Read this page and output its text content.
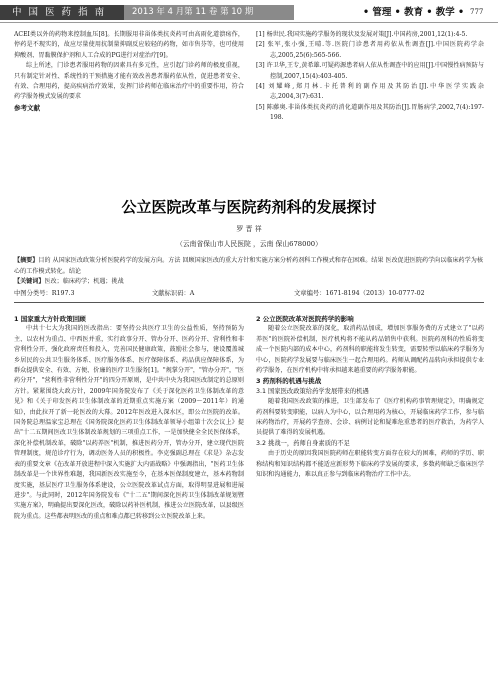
中 国 医 药 指 南	2013 年 4 月第 11 卷 第 10 期	• 管理 • 教育 • 教学 • 777

ACEI类以外的药物来控制血压[8]。长期服用非甾体类抗炎药可由高雨化道溃疡作，停药是不现实的，故应尽量使用抗制量抑副反应较轻的药物，如市售芬等，也可使用抑酸剂、胃黏膜保护剂和人工合成的PG进行对症治疗[9]。

综上所述，门诊患者服用药物的因素具有多元性，应引起门诊药师的极度重视，只有制定针对性、系统性的干预措施才能有效改善患者服药依从性，促进患者安全、有效、合理用药，提高疾病治疗效果，发挥门诊药师在临床治疗中的重要作用，符合药学服务模式发展的要求

参考文献

[1] 杨世民.我国实施药学服务的现状及发展对策[J].中国药房,2001,12(1):4-5.
[2] 张军,张小强,王晴.等.医院门诊患者用药依从性调查[J].中国医院药学杂志,2005,25(6):565-566.
[3] 许卫华,王专,黄希雄.可疑药源患者病人依从性调查中的应用[J].中国慢性病预防与控制,2007,15(4):403-405.
[4] 刘耀峰,郑月林.卡托普利的副作用及其防治[J].中华医学实践杂志,2004,3(7):631.
[5] 陈藤奥.非甾体类抗炎药的消化道副作用及其防治[J].胃肠病学,2002,7(4):197-198.
公立医院改革与医院药剂科的发展探讨

罗 晋 祥

（云南省保山市人民医院 ，云南 保山678000）

【摘要】目的 从国家医改政策分析医院药学的发展方向。方法 回顾国家医改的重大方针和实施方案分析药剂科工作模式和存在困难。结果 医改促进医院药学向以临床药学为核心的工作模式转化。结论

【关键词】医改；临床药学；机遇；挑战

中图分类号：R197.3	文献标识码：A	文章编号：1671-8194（2013）10-0777-02

1 国家重大方针政策回顾

中共十七大为我国的医改指出：要坚持公共医疗卫生的公益性质，坚持预防为主、以农村为重点、中西医并重，实行政事分开、管办分开、医药分开、营利性和非营利性分开，强化政府责任和投入，完善国民健康政策，鼓励社会参与，建设覆盖城乡居民的公共卫生服务体系、医疗服务体系、医疗保障体系、药品供应保障体系，为群众提供安全、有效、方便、价廉的医疗卫生服务[1]。"规掌分开"，"管办分开"，"医药分开"，"营利性非营利性分开"的四分开原则，是中共中央为我国医改制定的总原则方针。紧紧围绕大政方针，2009年国务院发布了《关于深化医药卫生体制改革的意见》和《关于印发医药卫生体制改革的近期重点实施方案（2009～2011年）的通知》，由此拉开了新一轮医改的大幕。2012年医改进入深水区，即公立医院的改革。国务院总理温家宝总理在《国务院深化医药卫生体制改革领导小组第十次会议上》提出"十二五期间医改卫生体制改革规划的三项重点工作，一是加快健全全民医保体系，深化补偿机制改革，破除"以药养医"机制，推进医药分开，管办分开，建立现代医院管理制度，规范诊疗行为，调动医务人员的积极性。李克强副总理在《求是》杂志发表的重要文章《在改革开放进程中深入实施扩大内需战略》中强调指出，"医药卫生体制改革是一个世界性难题，我国新医改实施至今，在基本医保制度建立，基本药物制度实施，基层医疗卫生服务体系建设，公立医院改革试点方面，取得明显进展和进展进步"。与此同时，2012年国务院发布《"十二五"期间深化医药卫生体制改革规划暨实施方案》，明确提出要深化医改，破除以药补医机制，推进公立医院改革，以县级医院为重点。这些都表明医改的重点和难点都已转移到公立医院改革上来。

2 公立医院改革对医院药学的影响

随着公立医院改革的深化，取消药品加成，增加医事服务费的方式建立了"以药养医"的医院补偿机制，医疗机构将不能从药品销售中获利。医院药剂科的性质将变成一个医院内部的成本中心，药剂科的职能将发生转变，需要转型以临床药学服务为中心，医院药学发展要与临床医生一起合理用药。药师从调配药品转向承担提供专业药学服务，在医疗机构中将承担越来越重要的药学服务职能。

3 药剂科的机遇与挑战

3.1 国家医改政策给药学发展带来的机遇

随着我国医改政策的推进，卫生部发布了《医疗机构药事管理规定》，明确规定药剂科要转变职能，以病人为中心，以合理用药为核心，开展临床药学工作，参与临床药物治疗，开展药学查房、会诊、病例讨论和疑难危重患者的医疗救治，为药学人员提供了难得的发展机遇。

3.2 挑战一，药师自身素质的不足

由于历史的原因我国医院药师在职能转变方面存在较大的困难，药师的学历、职称结构和知识结构都不能适应新形势下临床药学发展的要求，多数药师缺乏临床医学知识和沟通能力，难以真正参与到临床药物治疗工作中去。
